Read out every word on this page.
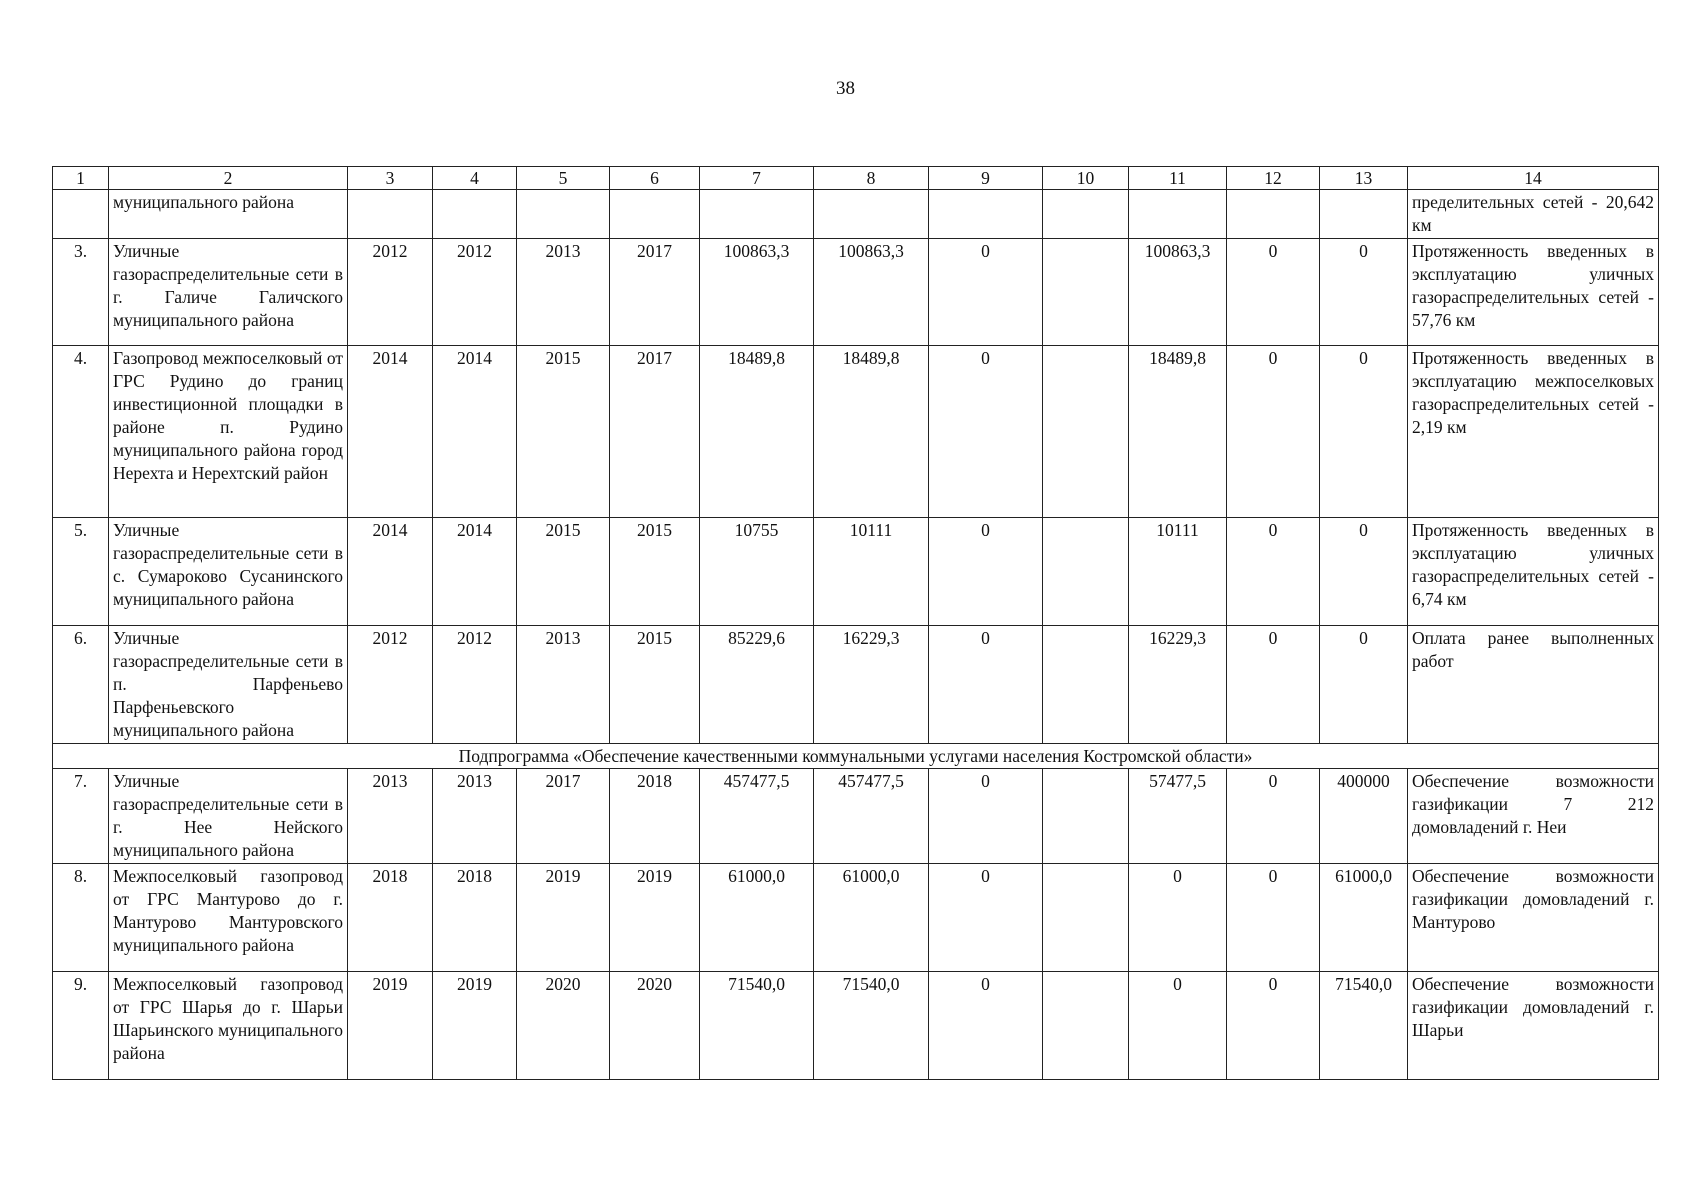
38
1	2	3	4	5	6	7	8	9	10	11	12	13	14
	муниципального района												пределительных сетей - 20,642 км
3.	Уличные газораспределительные сети в г. Галиче Галичского муниципального района	2012	2012	2013	2017	100863,3	100863,3	0		100863,3	0	0	Протяженность введенных в эксплуатацию уличных газораспределительных сетей - 57,76 км
4.	Газопровод межпоселковый от ГРС Рудино до границ инвестиционной площадки в районе п. Рудино муниципального района город Нерехта и Нерехтский район	2014	2014	2015	2017	18489,8	18489,8	0		18489,8	0	0	Протяженность введенных в эксплуатацию межпоселковых газораспределительных сетей - 2,19 км
5.	Уличные газораспределительные сети в с. Сумароково Сусанинского муниципального района	2014	2014	2015	2015	10755	10111	0		10111	0	0	Протяженность введенных в эксплуатацию уличных газораспределительных сетей - 6,74 км
6.	Уличные газораспределительные сети в п. Парфеньево Парфеньевского муниципального района	2012	2012	2013	2015	85229,6	16229,3	0		16229,3	0	0	Оплата ранее выполненных работ
Подпрограмма «Обеспечение качественными коммунальными услугами населения Костромской области»													
7.	Уличные газораспределительные сети в г. Нее Нейского муниципального района	2013	2013	2017	2018	457477,5	457477,5	0		57477,5	0	400000	Обеспечение возможности газификации 7 212 домовладений г. Неи
8.	Межпоселковый газопровод от ГРС Мантурово до г. Мантурово Мантуровского муниципального района	2018	2018	2019	2019	61000,0	61000,0	0		0	0	61000,0	Обеспечение возможности газификации домовладений г. Мантурово
9.	Межпоселковый газопровод от ГРС Шарья до г. Шарьи Шарьинского муниципального района	2019	2019	2020	2020	71540,0	71540,0	0		0	0	71540,0	Обеспечение возможности газификации домовладений г. Шарьи
